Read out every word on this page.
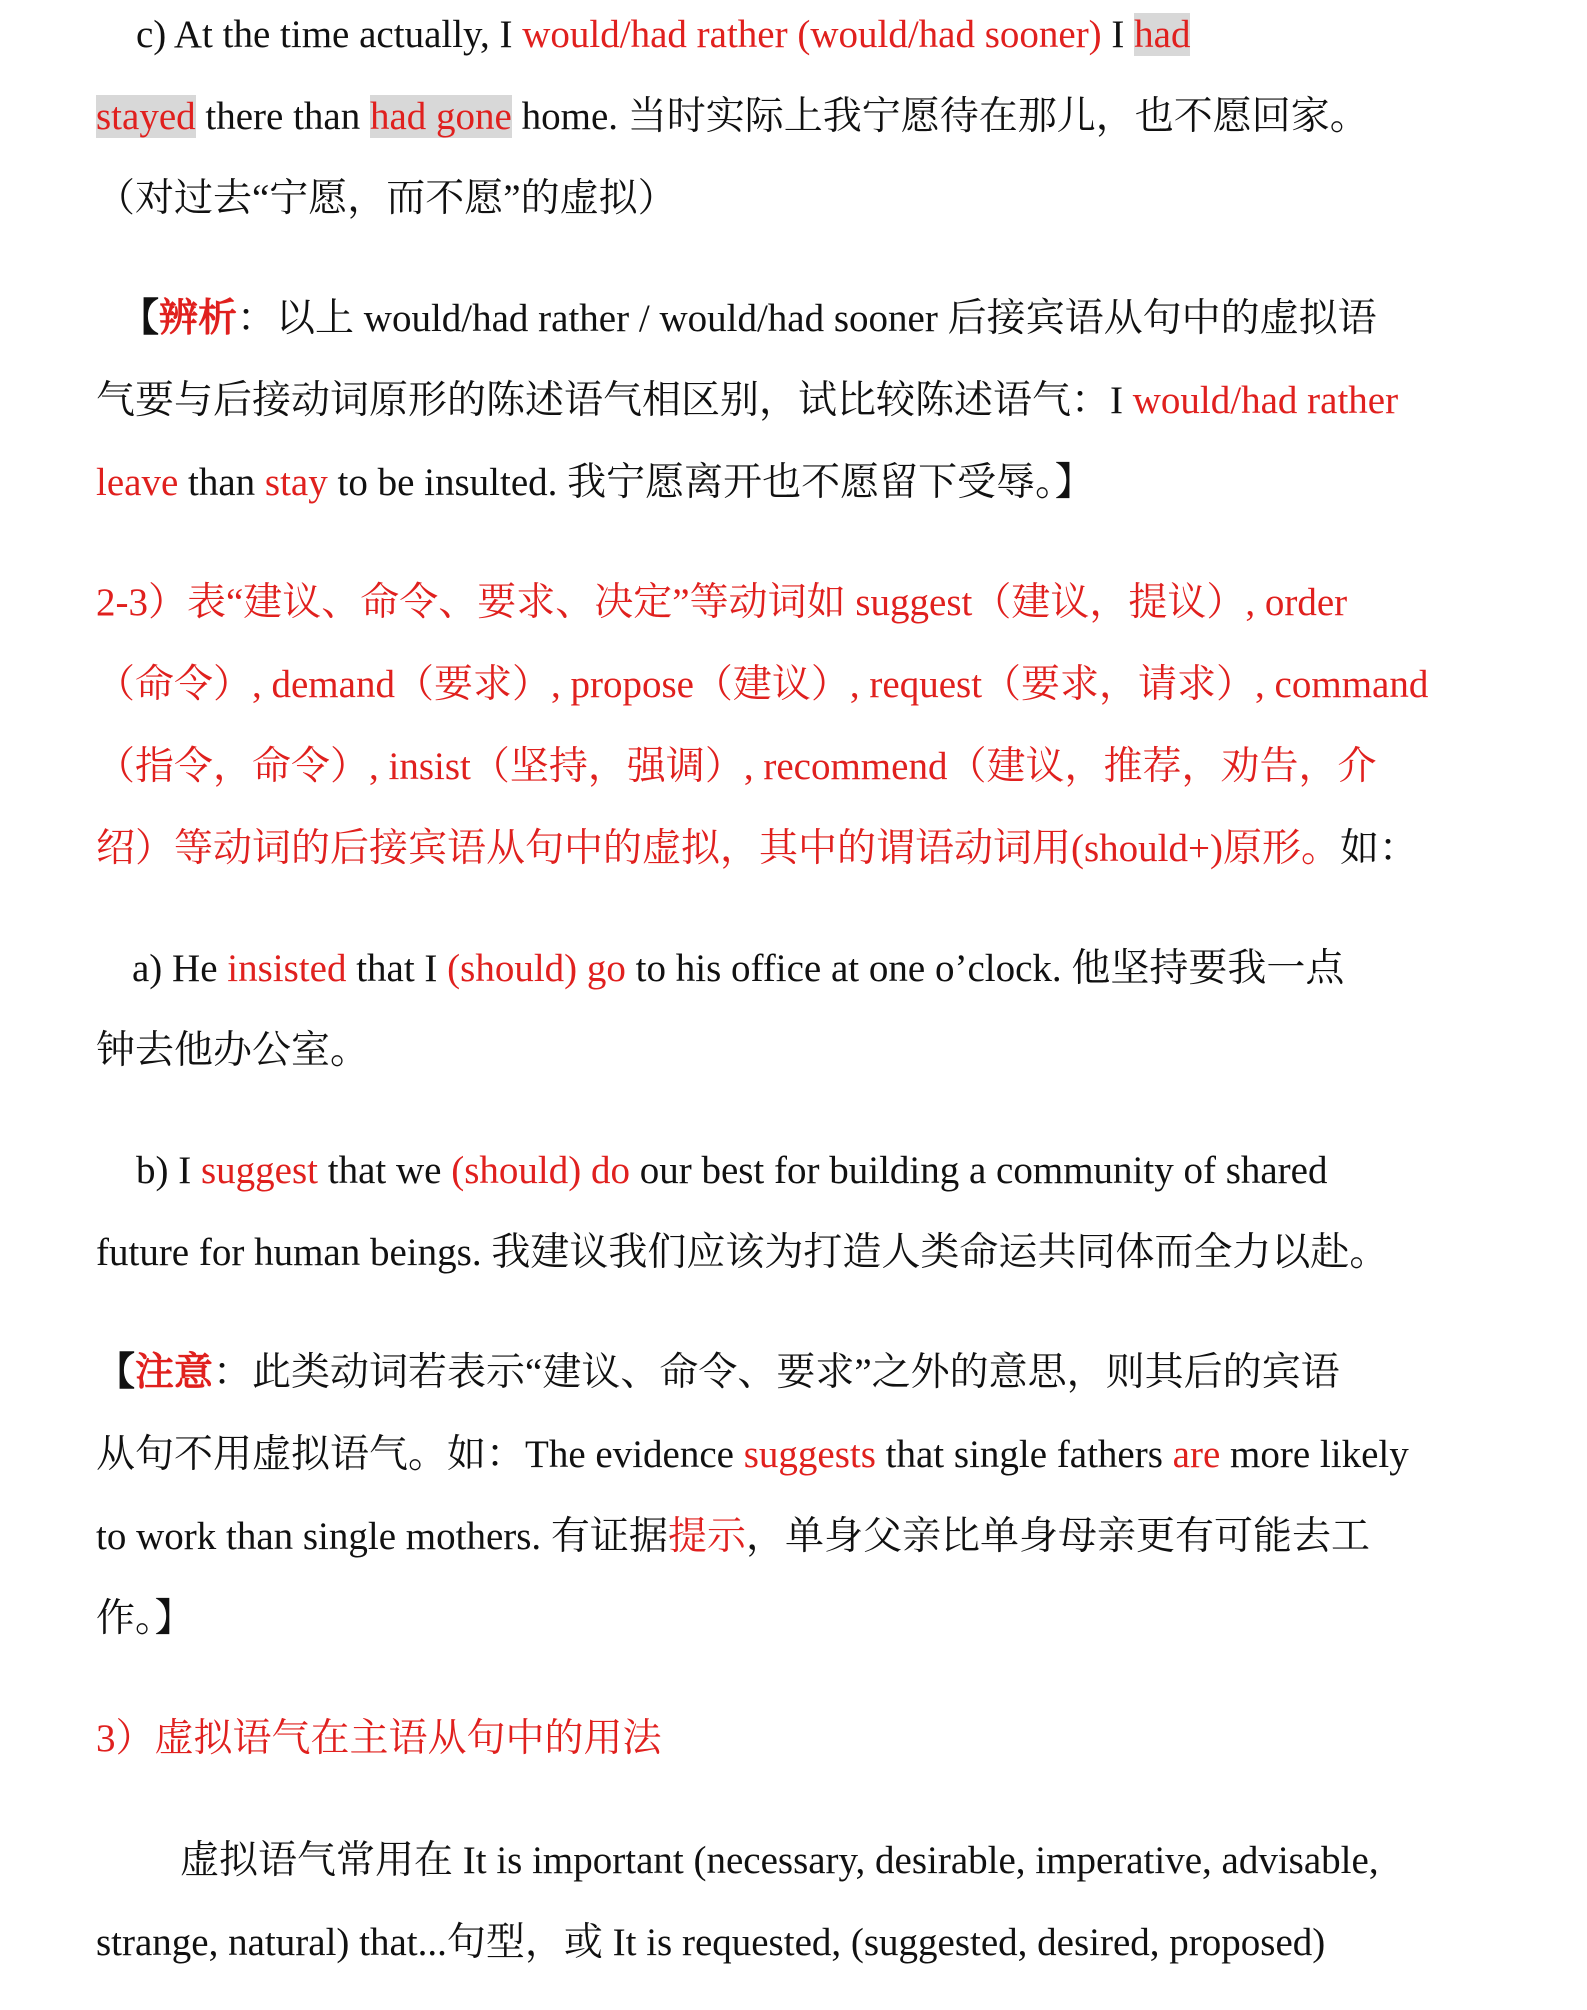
c) At the time actually, I would/had rather (would/had sooner) I had
stayed there than had gone home. 当时实际上我宁愿待在那儿，也不愿回家。
（对过去“宁愿，而不愿”的虚拟）
【辨析：以上 would/had rather / would/had sooner 后接宾语从句中的虚拟语
气要与后接动词原形的陈述语气相区别，试比较陈述语气：I would/had rather
leave than stay to be insulted. 我宁愿离开也不愿留下受辱。】
2-3）表“建议、命令、要求、决定”等动词如 suggest（建议，提议）, order
（命令）, demand（要求）, propose（建议）, request（要求，请求）, command
（指令，命令）, insist（坚持，强调）, recommend（建议，推荐，劝告，介
绍）等动词的后接宾语从句中的虚拟，其中的谓语动词用(should+)原形。如：
a) He insisted that I (should) go to his office at one o’clock. 他坚持要我一点
钟去他办公室。
b) I suggest that we (should) do our best for building a community of shared
future for human beings. 我建议我们应该为打造人类命运共同体而全力以赴。
【注意：此类动词若表示“建议、命令、要求”之外的意思，则其后的宾语
从句不用虚拟语气。如：The evidence suggests that single fathers are more likely
to work than single mothers. 有证据提示，单身父亲比单身母亲更有可能去工
作。】
3）虚拟语气在主语从句中的用法
虚拟语气常用在 It is important (necessary, desirable, imperative, advisable,
strange, natural) that...句型，或 It is requested, (suggested, desired, proposed)
